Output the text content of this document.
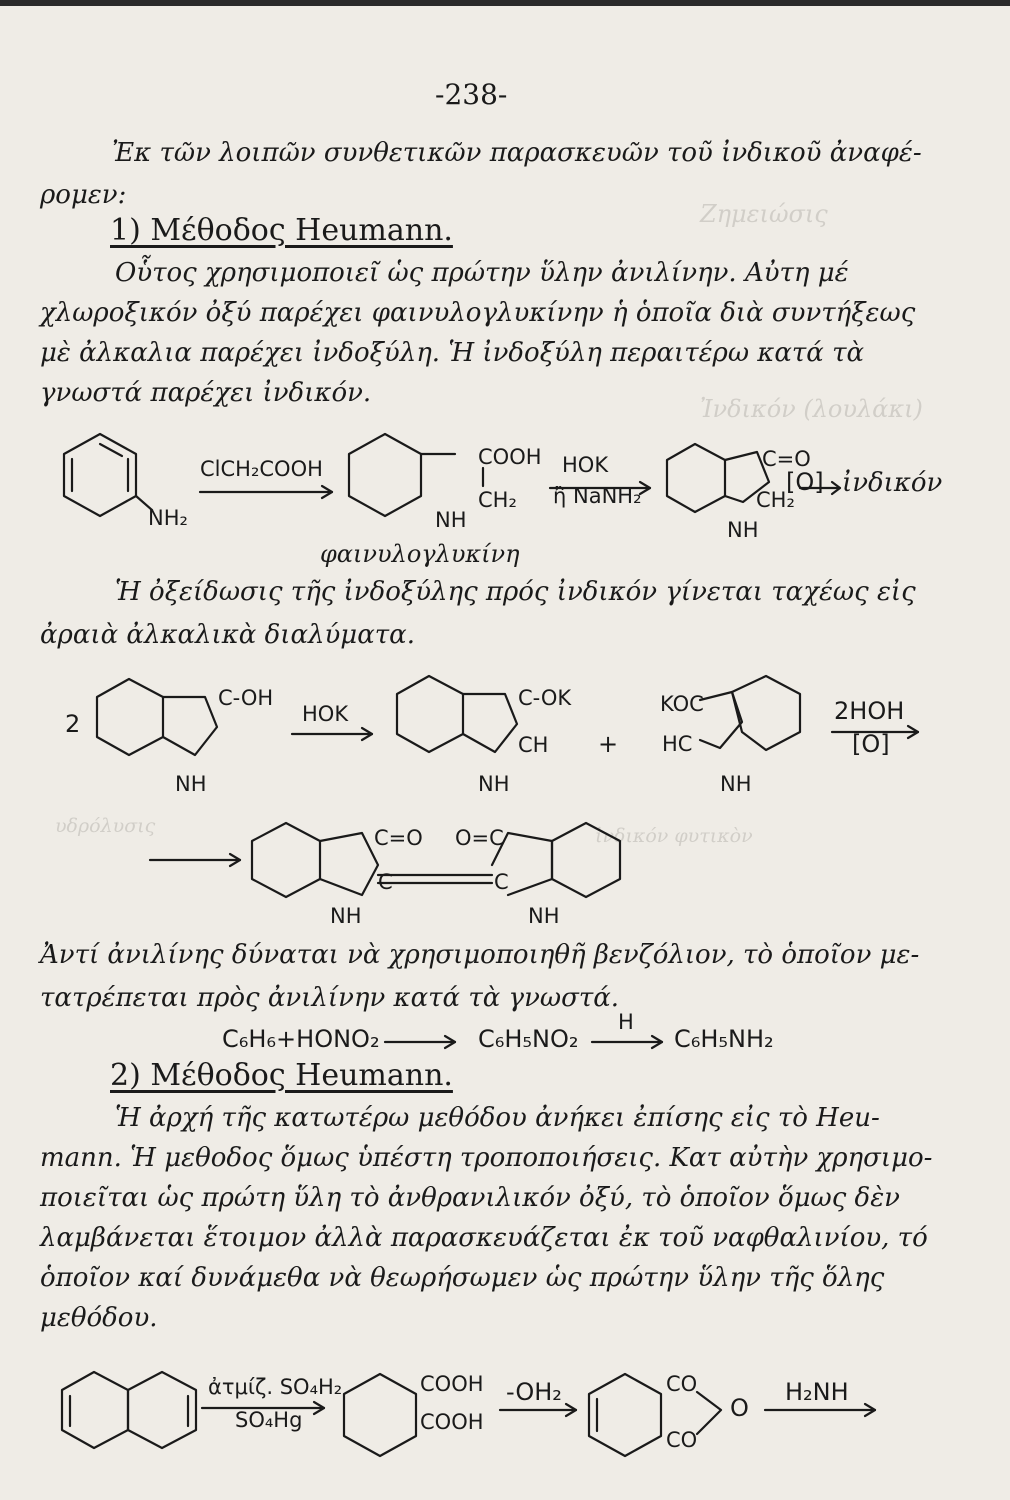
Ζημειώσις
Ἰνδικόν (λουλάκι)
ἰνδικόν φυτικὸν
υδρόλυσις
-238-
Ἐκ τῶν λοιπῶν συνθετικῶν παρασκευῶν τοῦ ἰνδικοῦ ἀναφέ-
ρομεν:
1) Μέθοδος Heumann.
Οὗτος χρησιμοποιεῖ ὡς πρώτην ὕλην ἀνιλίνην. Αὐτη μέ
χλωροξικόν ὀξύ παρέχει φαινυλογλυκίνην ἡ ὁποῖα διὰ συντήξεως
μὲ ἀλκαλια παρέχει ἰνδοξύλη. Ἡ ἰνδοξύλη περαιτέρω κατά τὰ
γνωστά παρέχει ἰνδικόν.
NH₂
ClCH₂COOH	COOH
CH₂
NH
HOK
ἢ NaNH₂
C=O
CH₂
NH
[O] ἰνδικόν
φαινυλογλυκίνη
Ἡ ὀξείδωσις τῆς ἰνδοξύλης πρός ἰνδικόν γίνεται ταχέως εἰς
ἀραιὰ ἀλκαλικὰ διαλύματα.
2
C-OH
NH
HOK
C-OK
CH
NH
+
KOC
HC
NH
2HOH
[O]
C=O O=C
C	C
NH	NH
Ἀντί ἀνιλίνης δύναται νὰ χρησιμοποιηθῆ βενζόλιον, τὸ ὁποῖον με-
τατρέπεται πρὸς ἀνιλίνην κατά τὰ γνωστά.
C₆H₆+HONO₂	C₆H₅NO₂
H
C₆H₅NH₂
2) Μέθοδος Heumann.
Ἡ ἀρχή τῆς κατωτέρω μεθόδου ἀνήκει ἐπίσης εἰς τὸ Heu-
mann. Ἡ μεθοδος ὅμως ὑπέστη τροποποιήσεις. Κατ αὐτὴν χρησιμο-
ποιεῖται ὡς πρώτη ὕλη τὸ ἀνθρανιλικόν ὀξύ, τὸ ὁποῖον ὅμως δὲν
λαμβάνεται ἕτοιμον ἀλλὰ παρασκευάζεται ἐκ τοῦ ναφθαλινίου, τό
ὁποῖον καί δυνάμεθα νὰ θεωρήσωμεν ὡς πρώτην ὕλην τῆς ὅλης
μεθόδου.
ἀτμίζ. SO₄H₂
SO₄Hg
COOH
COOH
-OH₂	CO
CO
O
H₂NH
